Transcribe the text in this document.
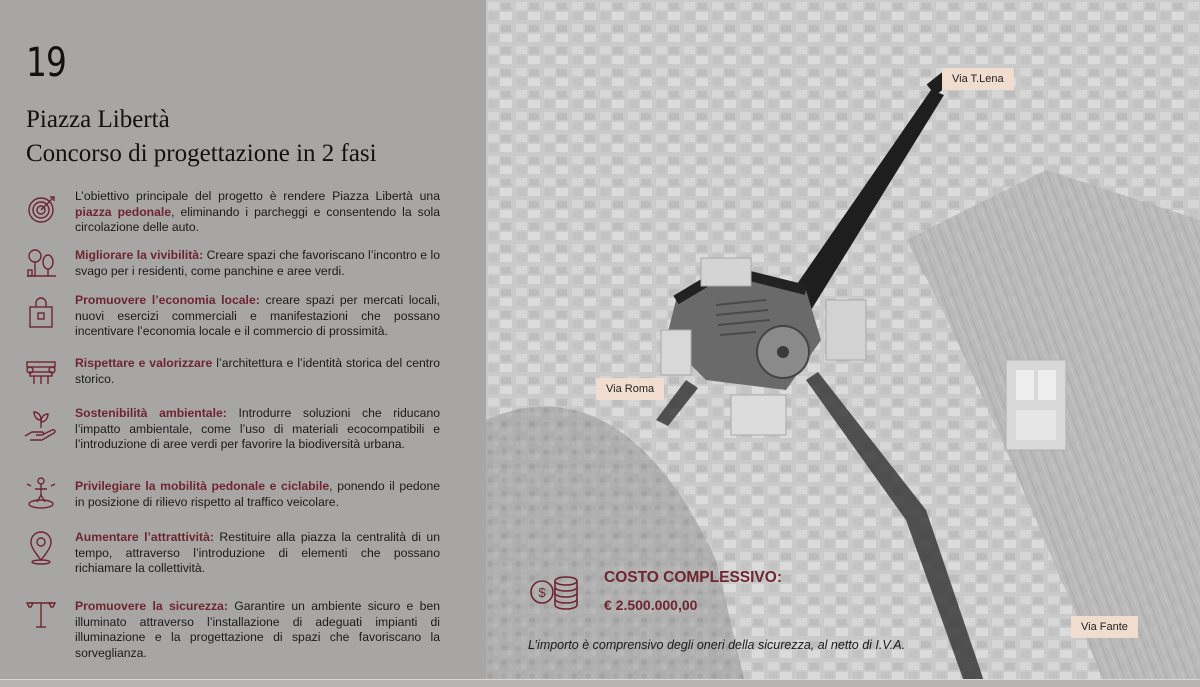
19
Piazza Libertà
Concorso di progettazione in 2 fasi
L’obiettivo principale del progetto è rendere Piazza Libertà una piazza pedonale, eliminando i parcheggi e consentendo la sola circolazione delle auto.
Migliorare la vivibilità: Creare spazi che favoriscano l’incontro e lo svago per i residenti, come panchine e aree verdi.
Promuovere l’economia locale: creare spazi per mercati locali, nuovi esercizi commerciali e manifestazioni che possano incentivare l’economia locale e il commercio di prossimità.
Rispettare e valorizzare l’architettura e l’identità storica del centro storico.
Sostenibilità ambientale: Introdurre soluzioni che riducano l’impatto ambientale, come l’uso di materiali ecocompatibili e l’introduzione di aree verdi per favorire la biodiversità urbana.
Privilegiare la mobilità pedonale e ciclabile, ponendo il pedone in posizione di rilievo rispetto al traffico veicolare.
Aumentare l’attrattività: Restituire alla piazza la centralità di un tempo, attraverso l’introduzione di elementi che possano richiamare la collettività.
Promuovere la sicurezza: Garantire un ambiente sicuro e ben illuminato attraverso l’installazione di adeguati impianti di illuminazione e la progettazione di spazi che favoriscano la sorveglianza.
Via T.Lena
Via Roma
Via Fante
$
COSTO COMPLESSIVO:
€ 2.500.000,00
L’importo è comprensivo degli oneri della sicurezza, al netto di I.V.A.
